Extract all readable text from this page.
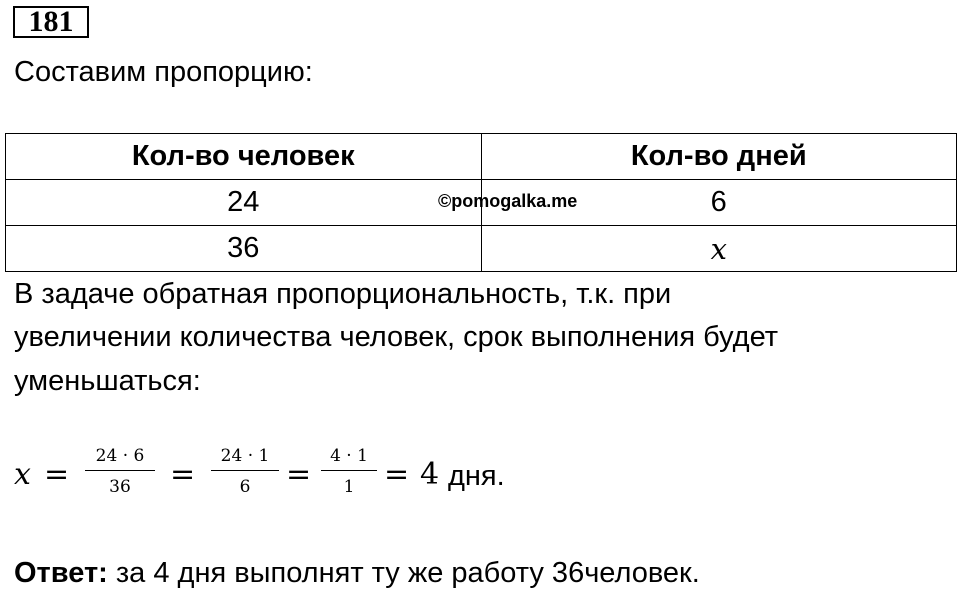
181
Составим пропорцию:
Кол-во человек	Кол-во дней
24	6
36	x
©pomogalka.me
В задаче обратная пропорциональность, т.к. при
увеличении количества человек, срок выполнения будет
уменьшаться:
$x = \frac{24 \cdot 6}{36} = \frac{24 \cdot 1}{6} = \frac{4 \cdot 1}{1} = 4$ дня.
Ответ: за 4 дня выполнят ту же работу 36человек.
